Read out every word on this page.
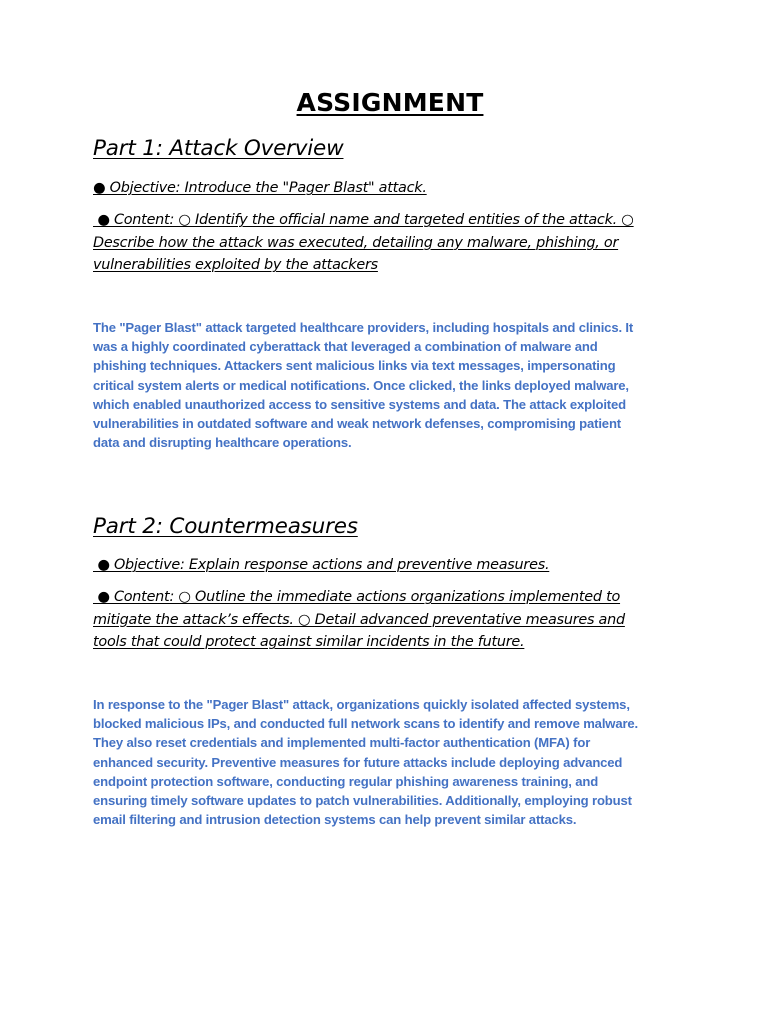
ASSIGNMENT
Part 1: Attack Overview
● Objective: Introduce the "Pager Blast" attack.
● Content: ○ Identify the official name and targeted entities of the attack. ○
Describe how the attack was executed, detailing any malware, phishing, or
vulnerabilities exploited by the attackers
The "Pager Blast" attack targeted healthcare providers, including hospitals and clinics. It
was a highly coordinated cyberattack that leveraged a combination of malware and
phishing techniques. Attackers sent malicious links via text messages, impersonating
critical system alerts or medical notifications. Once clicked, the links deployed malware,
which enabled unauthorized access to sensitive systems and data. The attack exploited
vulnerabilities in outdated software and weak network defenses, compromising patient
data and disrupting healthcare operations.
Part 2: Countermeasures
● Objective: Explain response actions and preventive measures.
● Content: ○ Outline the immediate actions organizations implemented to
mitigate the attack’s effects. ○ Detail advanced preventative measures and
tools that could protect against similar incidents in the future.
In response to the "Pager Blast" attack, organizations quickly isolated affected systems,
blocked malicious IPs, and conducted full network scans to identify and remove malware.
They also reset credentials and implemented multi-factor authentication (MFA) for
enhanced security. Preventive measures for future attacks include deploying advanced
endpoint protection software, conducting regular phishing awareness training, and
ensuring timely software updates to patch vulnerabilities. Additionally, employing robust
email filtering and intrusion detection systems can help prevent similar attacks.
